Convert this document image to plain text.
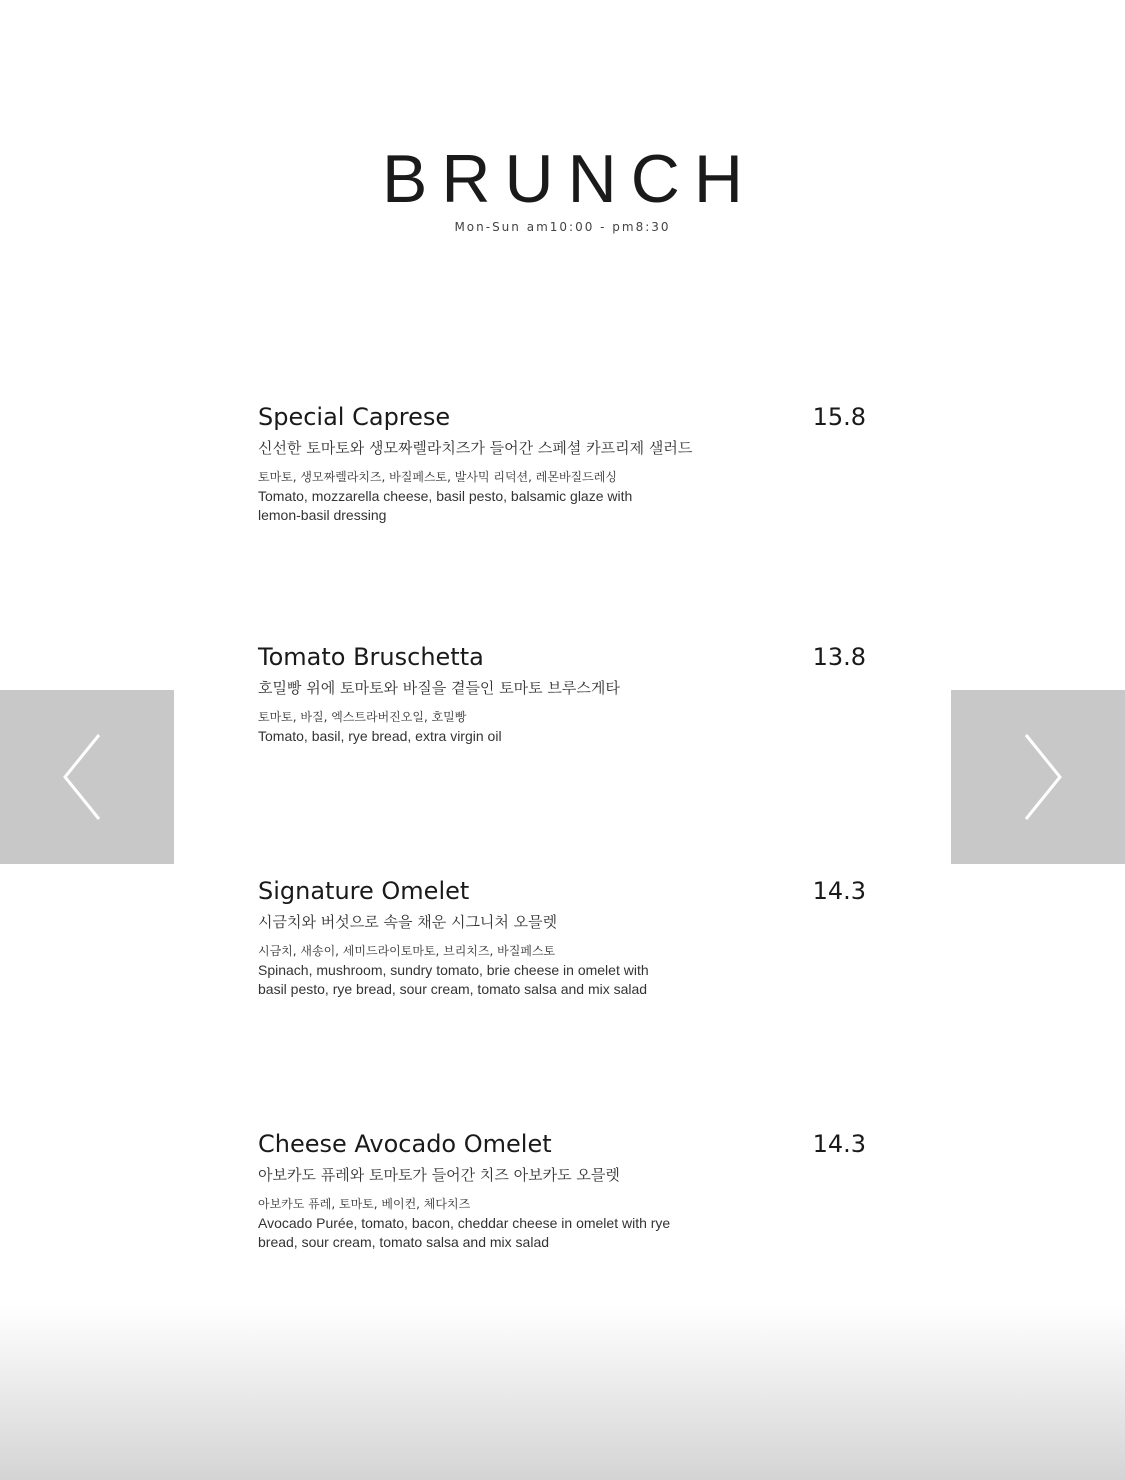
BRUNCH
Mon-Sun am10:00 - pm8:30
Special Caprese	15.8
신선한 토마토와 생모짜렐라치즈가 들어간 스페셜 카프리제 샐러드
토마토, 생모짜렐라치즈, 바질페스토, 발사믹 리덕션, 레몬바질드레싱
Tomato, mozzarella cheese, basil pesto, balsamic glaze with lemon-basil dressing
Tomato Bruschetta	13.8
호밀빵 위에 토마토와 바질을 곁들인 토마토 브루스게타
토마토, 바질, 엑스트라버진오일, 호밀빵
Tomato, basil, rye bread, extra virgin oil
Signature Omelet	14.3
시금치와 버섯으로 속을 채운 시그니처 오믈렛
시금치, 새송이, 세미드라이토마토, 브리치즈, 바질페스토
Spinach, mushroom, sundry tomato, brie cheese in omelet with basil pesto, rye bread, sour cream, tomato salsa and mix salad
Cheese Avocado Omelet	14.3
아보카도 퓨레와 토마토가 들어간 치즈 아보카도 오믈렛
아보카도 퓨레, 토마토, 베이컨, 체다치즈
Avocado Purée, tomato, bacon, cheddar cheese in omelet with rye bread, sour cream, tomato salsa and mix salad
